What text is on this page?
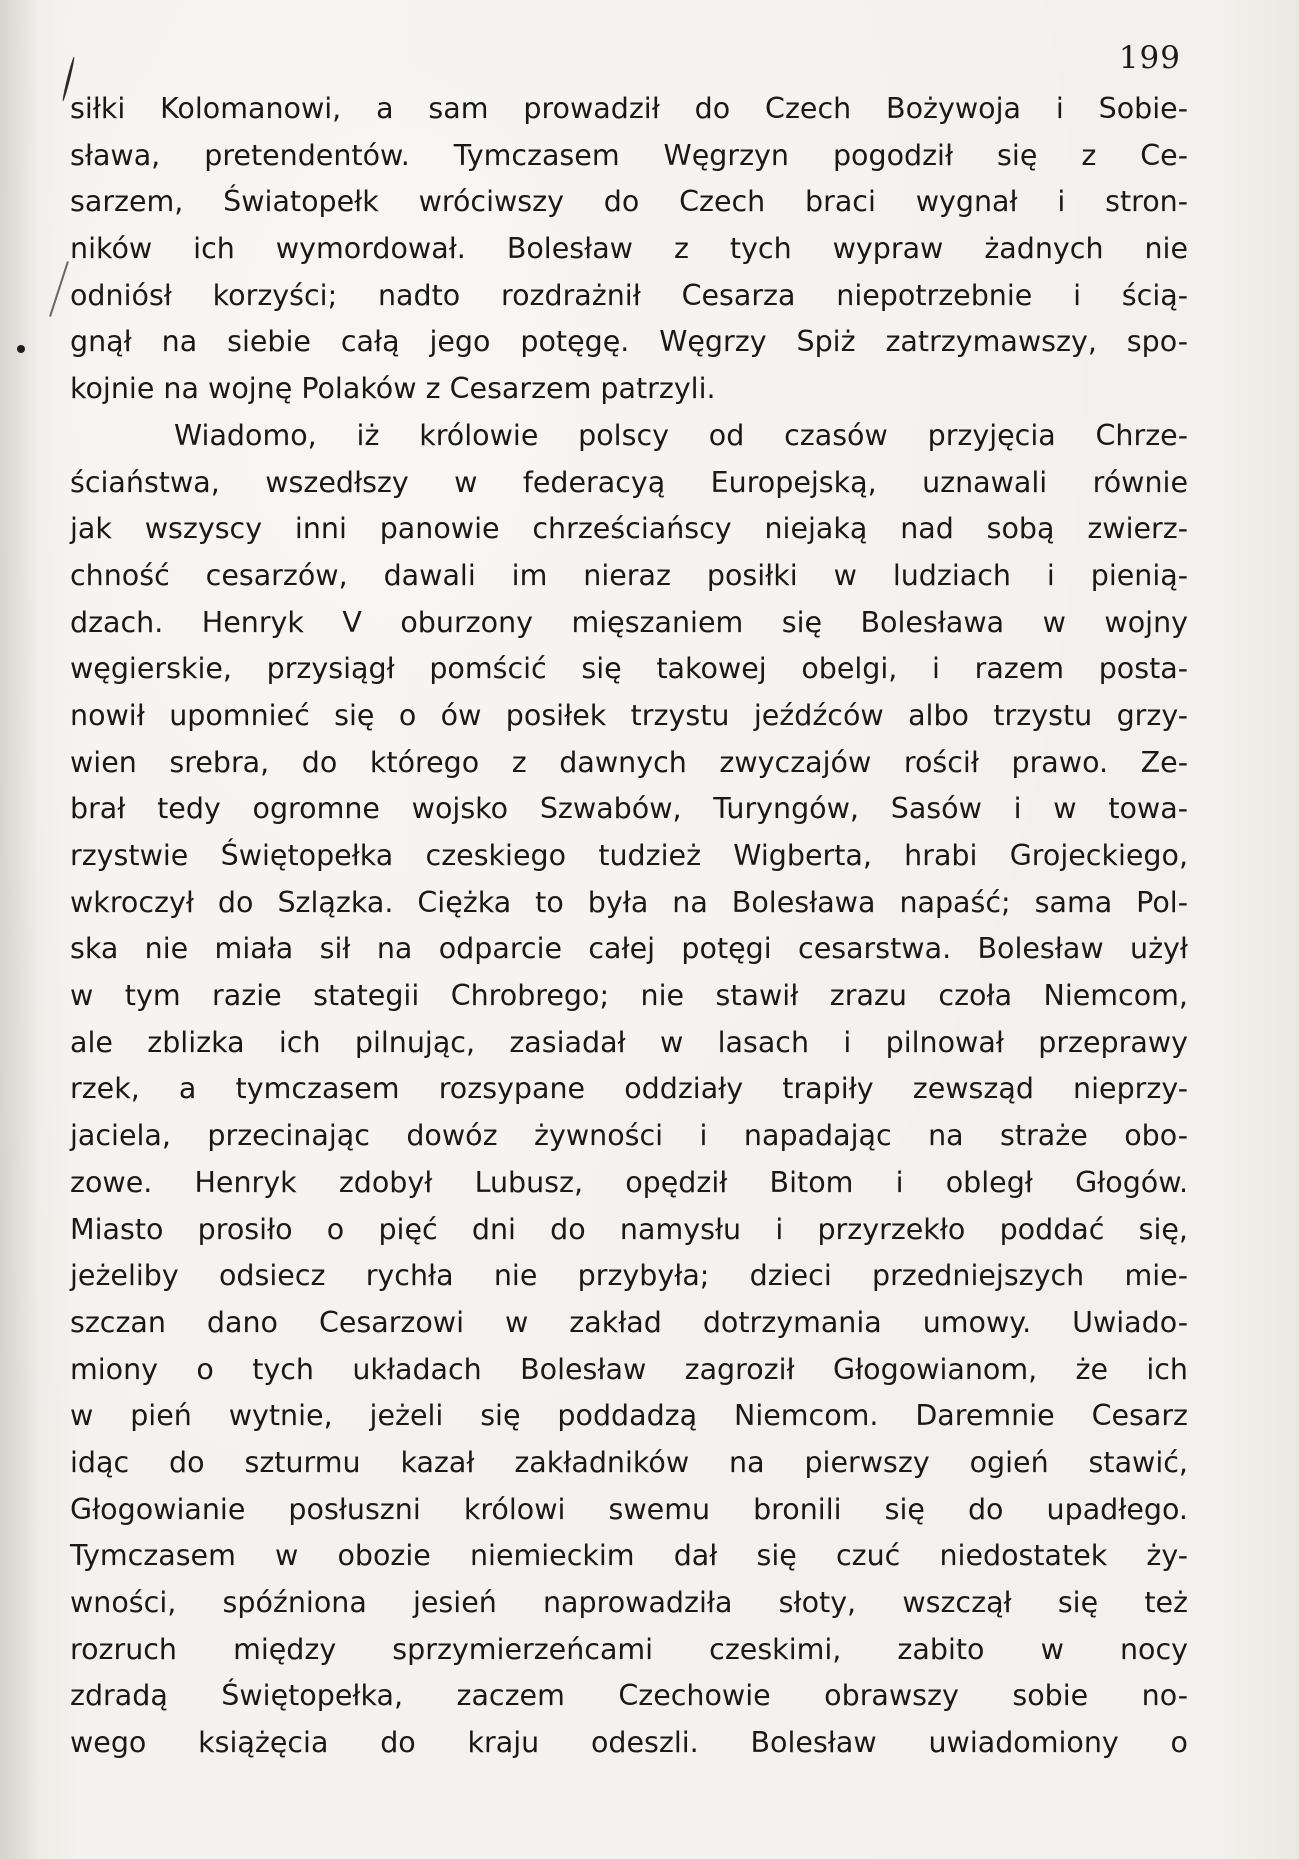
199
siłki Kolomanowi, a sam prowadził do Czech Bożywoja i Sobie-
sława, pretendentów. Tymczasem Węgrzyn pogodził się z Ce-
sarzem, Światopełk wróciwszy do Czech braci wygnał i stron-
ników ich wymordował. Bolesław z tych wypraw żadnych nie
odniósł korzyści; nadto rozdrażnił Cesarza niepotrzebnie i ścią-
gnął na siebie całą jego potęgę. Węgrzy Spiż zatrzymawszy, spo-
kojnie na wojnę Polaków z Cesarzem patrzyli.
Wiadomo, iż królowie polscy od czasów przyjęcia Chrze-
ściaństwa, wszedłszy w federacyą Europejską, uznawali równie
jak wszyscy inni panowie chrześciańscy niejaką nad sobą zwierz-
chność cesarzów, dawali im nieraz posiłki w ludziach i pienią-
dzach. Henryk V oburzony mięszaniem się Bolesława w wojny
węgierskie, przysiągł pomścić się takowej obelgi, i razem posta-
nowił upomnieć się o ów posiłek trzystu jeźdźców albo trzystu grzy-
wien srebra, do którego z dawnych zwyczajów rościł prawo. Ze-
brał tedy ogromne wojsko Szwabów, Turyngów, Sasów i w towa-
rzystwie Świętopełka czeskiego tudzież Wigberta, hrabi Grojeckiego,
wkroczył do Szlązka. Ciężka to była na Bolesława napaść; sama Pol-
ska nie miała sił na odparcie całej potęgi cesarstwa. Bolesław użył
w tym razie stategii Chrobrego; nie stawił zrazu czoła Niemcom,
ale zblizka ich pilnując, zasiadał w lasach i pilnował przeprawy
rzek, a tymczasem rozsypane oddziały trapiły zewsząd nieprzy-
jaciela, przecinając dowóz żywności i napadając na straże obo-
zowe. Henryk zdobył Lubusz, opędził Bitom i obległ Głogów.
Miasto prosiło o pięć dni do namysłu i przyrzekło poddać się,
jeżeliby odsiecz rychła nie przybyła; dzieci przedniejszych mie-
szczan dano Cesarzowi w zakład dotrzymania umowy. Uwiado-
miony o tych układach Bolesław zagroził Głogowianom, że ich
w pień wytnie, jeżeli się poddadzą Niemcom. Daremnie Cesarz
idąc do szturmu kazał zakładników na pierwszy ogień stawić,
Głogowianie posłuszni królowi swemu bronili się do upadłego.
Tymczasem w obozie niemieckim dał się czuć niedostatek ży-
wności, spóźniona jesień naprowadziła słoty, wszczął się też
rozruch między sprzymierzeńcami czeskimi, zabito w nocy
zdradą Świętopełka, zaczem Czechowie obrawszy sobie no-
wego książęcia do kraju odeszli. Bolesław uwiadomiony o
